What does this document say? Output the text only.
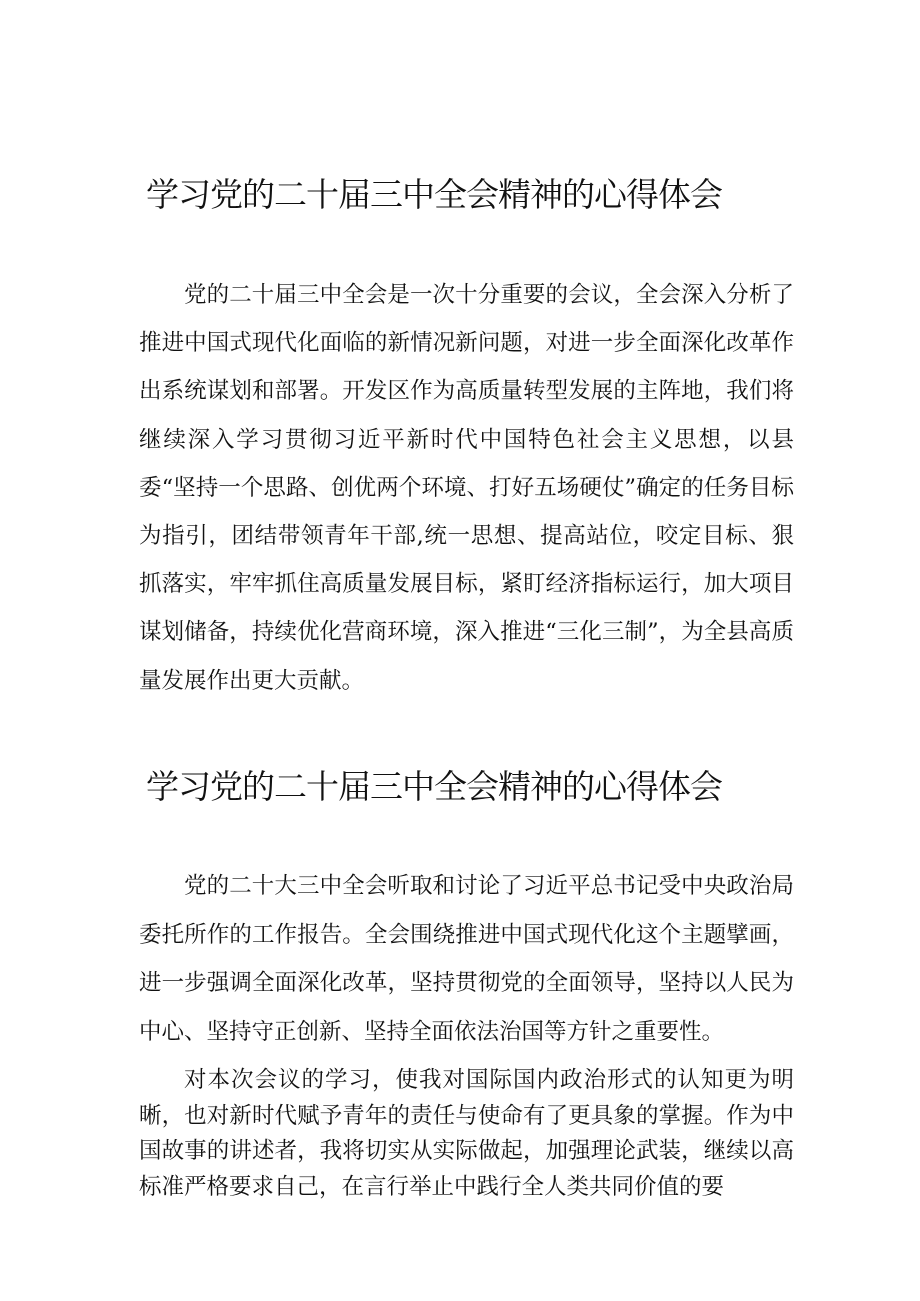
学习党的二十届三中全会精神的心得体会

党的二十届三中全会是一次十分重要的会议，全会深入分析了推进中国式现代化面临的新情况新问题，对进一步全面深化改革作出系统谋划和部署。开发区作为高质量转型发展的主阵地，我们将继续深入学习贯彻习近平新时代中国特色社会主义思想，以县委“坚持一个思路、创优两个环境、打好五场硬仗”确定的任务目标为指引，团结带领青年干部,统一思想、提高站位，咬定目标、狠抓落实，牢牢抓住高质量发展目标，紧盯经济指标运行，加大项目谋划储备，持续优化营商环境，深入推进“三化三制”，为全县高质量发展作出更大贡献。

学习党的二十届三中全会精神的心得体会

党的二十大三中全会听取和讨论了习近平总书记受中央政治局委托所作的工作报告。全会围绕推进中国式现代化这个主题擘画，进一步强调全面深化改革，坚持贯彻党的全面领导，坚持以人民为中心、坚持守正创新、坚持全面依法治国等方针之重要性。

对本次会议的学习，使我对国际国内政治形式的认知更为明晰，也对新时代赋予青年的责任与使命有了更具象的掌握。作为中国故事的讲述者，我将切实从实际做起，加强理论武装，继续以高标准严格要求自己，在言行举止中践行全人类共同价值的要
